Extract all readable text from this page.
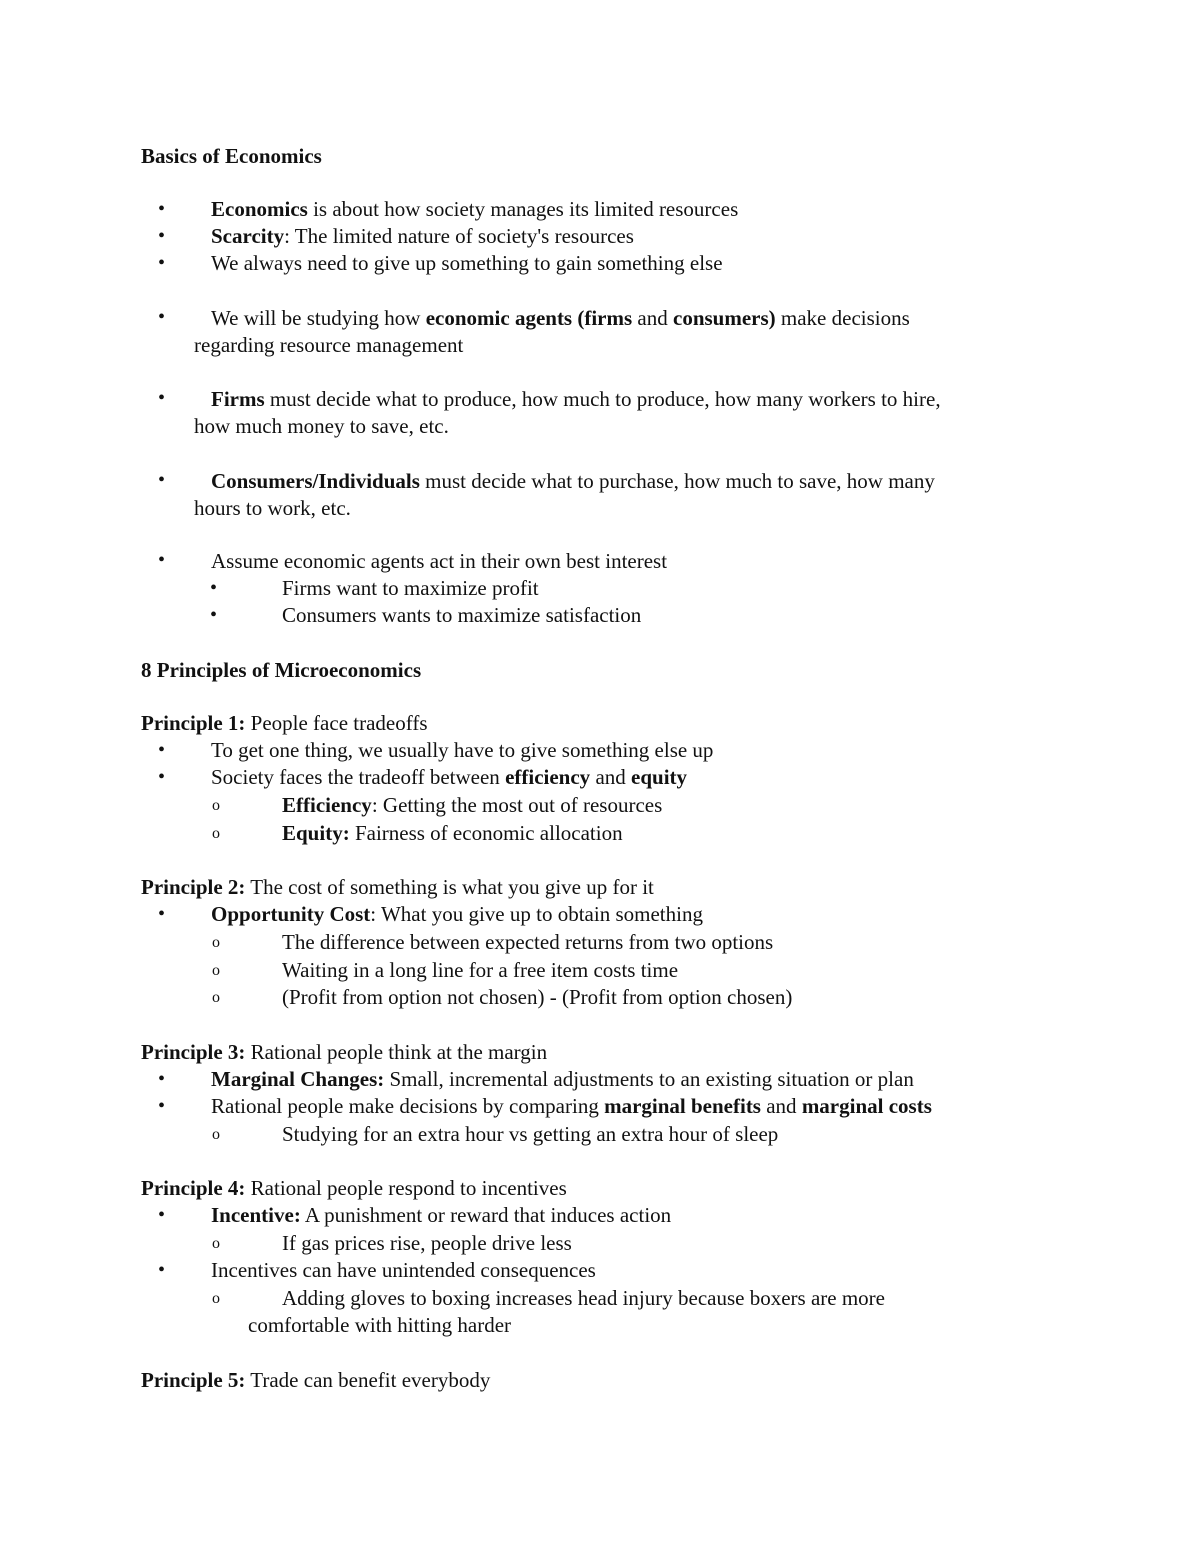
Basics of Economics
• Economics is about how society manages its limited resources
• Scarcity: The limited nature of society's resources
• We always need to give up something to gain something else
• We will be studying how economic agents (firms and consumers) make decisions
regarding resource management
• Firms must decide what to produce, how much to produce, how many workers to hire,
how much money to save, etc.
• Consumers/Individuals must decide what to purchase, how much to save, how many
hours to work, etc.
• Assume economic agents act in their own best interest
•	Firms want to maximize profit
•	Consumers wants to maximize satisfaction
8 Principles of Microeconomics
Principle 1: People face tradeoffs
• To get one thing, we usually have to give something else up
• Society faces the tradeoff between efficiency and equity
o	Efficiency: Getting the most out of resources
o	Equity: Fairness of economic allocation
Principle 2: The cost of something is what you give up for it
• Opportunity Cost: What you give up to obtain something
o	The difference between expected returns from two options
o	Waiting in a long line for a free item costs time
o	(Profit from option not chosen) - (Profit from option chosen)
Principle 3: Rational people think at the margin
• Marginal Changes: Small, incremental adjustments to an existing situation or plan
• Rational people make decisions by comparing marginal benefits and marginal costs
o	Studying for an extra hour vs getting an extra hour of sleep
Principle 4: Rational people respond to incentives
• Incentive: A punishment or reward that induces action
o	If gas prices rise, people drive less
• Incentives can have unintended consequences
o	Adding gloves to boxing increases head injury because boxers are more
comfortable with hitting harder
Principle 5: Trade can benefit everybody
